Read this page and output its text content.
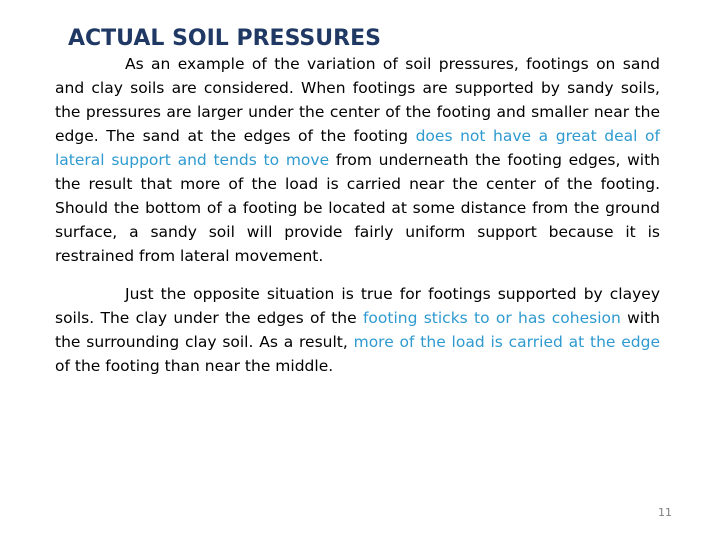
ACTUAL SOIL PRESSURES

As an example of the variation of soil pressures, footings on sand and clay soils are considered. When footings are supported by sandy soils, the pressures are larger under the center of the footing and smaller near the edge. The sand at the edges of the footing does not have a great deal of lateral support and tends to move from underneath the footing edges, with the result that more of the load is carried near the center of the footing. Should the bottom of a footing be located at some distance from the ground surface, a sandy soil will provide fairly uniform support because it is restrained from lateral movement.

Just the opposite situation is true for footings supported by clayey soils. The clay under the edges of the footing sticks to or has cohesion with the surrounding clay soil. As a result, more of the load is carried at the edge of the footing than near the middle.

11
